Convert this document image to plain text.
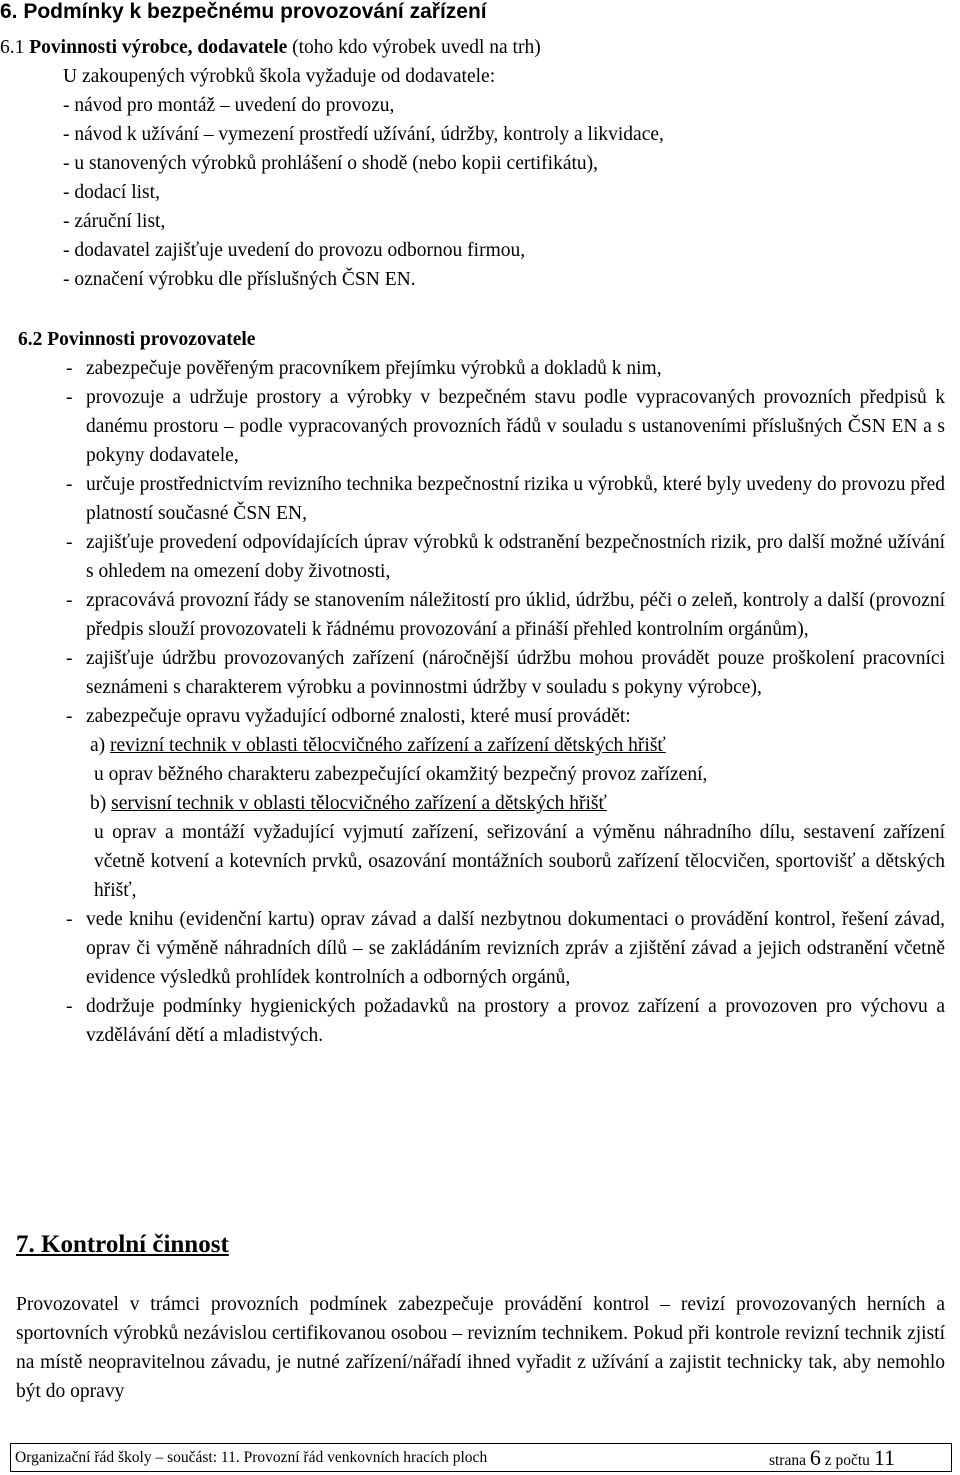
6. Podmínky k bezpečnému provozování zařízení
6.1 Povinnosti výrobce, dodavatele (toho kdo výrobek uvedl na trh)
U zakoupených výrobků škola vyžaduje od dodavatele:
- návod pro montáž – uvedení do provozu,
- návod k užívání – vymezení prostředí užívání, údržby, kontroly a likvidace,
- u stanovených výrobků prohlášení o shodě (nebo kopii certifikátu),
- dodací list,
- záruční list,
- dodavatel zajišťuje uvedení do provozu odbornou firmou,
- označení výrobku dle příslušných ČSN EN.
6.2 Povinnosti provozovatele
- zabezpečuje pověřeným pracovníkem přejímku výrobků a dokladů k nim,
- provozuje a udržuje prostory a výrobky v bezpečném stavu podle vypracovaných provozních předpisů k danému prostoru – podle vypracovaných provozních řádů v souladu s ustanoveními příslušných ČSN EN a s pokyny dodavatele,
- určuje prostřednictvím revizního technika bezpečnostní rizika u výrobků, které byly uvedeny do provozu před platností současné ČSN EN,
- zajišťuje provedení odpovídajících úprav výrobků k odstranění bezpečnostních rizik, pro další možné užívání s ohledem na omezení doby životnosti,
- zpracovává provozní řády se stanovením náležitostí pro úklid, údržbu, péči o zeleň, kontroly a další (provozní předpis slouží provozovateli k řádnému provozování a přináší přehled kontrolním orgánům),
- zajišťuje údržbu provozovaných zařízení (náročnější údržbu mohou provádět pouze proškolení pracovníci seznámeni s charakterem výrobku a povinnostmi údržby v souladu s pokyny výrobce),
- zabezpečuje opravu vyžadující odborné znalosti, které musí provádět:
a) revizní technik v oblasti tělocvičného zařízení a zařízení dětských hřišť
u oprav běžného charakteru zabezpečující okamžitý bezpečný provoz zařízení,
b) servisní technik v oblasti tělocvičného zařízení a dětských hřišť
u oprav a montáží vyžadující vyjmutí zařízení, seřizování a výměnu náhradního dílu, sestavení zařízení včetně kotvení a kotevních prvků, osazování montážních souborů zařízení tělocvičen, sportovišť a dětských hřišť,
- vede knihu (evidenční kartu) oprav závad a další nezbytnou dokumentaci o provádění kontrol, řešení závad, oprav či výměně náhradních dílů – se zakládáním revizních zpráv a zjištění závad a jejich odstranění včetně evidence výsledků prohlídek kontrolních a odborných orgánů,
- dodržuje podmínky hygienických požadavků na prostory a provoz zařízení a provozoven pro výchovu a vzdělávání dětí a mladistvých.
7. Kontrolní činnost
Provozovatel v trámci provozních podmínek zabezpečuje provádění kontrol – revizí provozovaných herních a sportovních výrobků nezávislou certifikovanou osobou – revizním technikem. Pokud při kontrole revizní technik zjistí na místě neopravitelnou závadu, je nutné zařízení/nářadí ihned vyřadit z užívání a zajistit technicky tak, aby nemohlo být do opravy
Organizační řád školy – součást: 11. Provozní řád venkovních hracích ploch	strana 6 z počtu 11
